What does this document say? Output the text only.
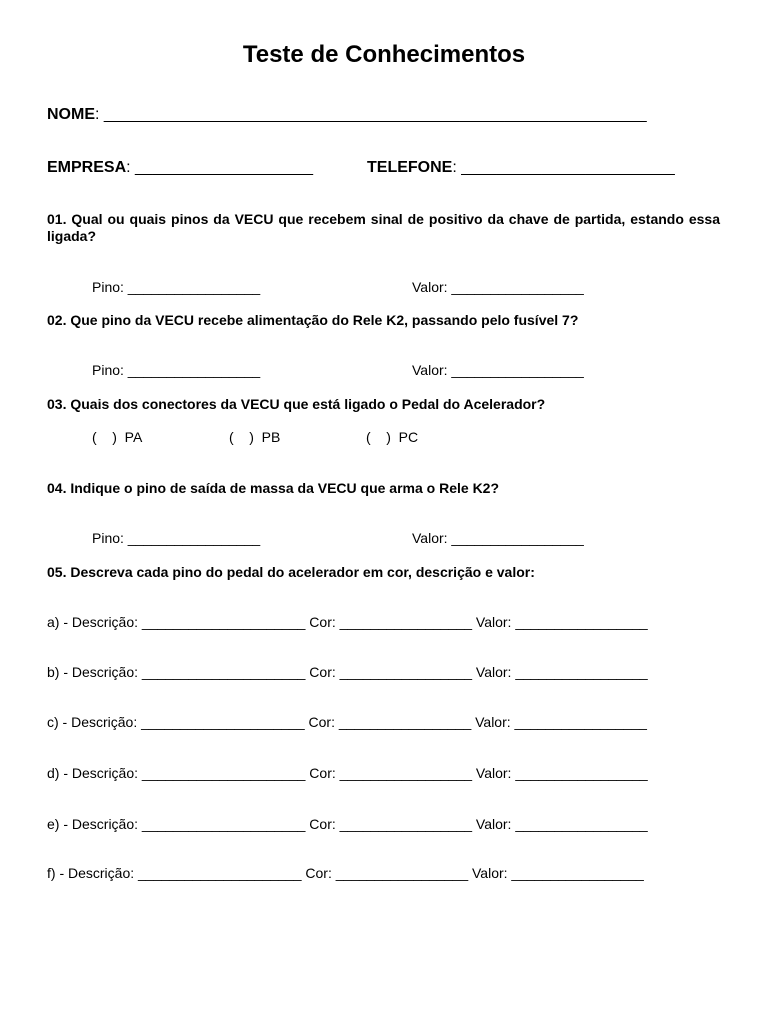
Teste de Conhecimentos
NOME: _____________________________________________________________
EMPRESA: ____________________	TELEFONE: ________________________
01. Qual ou quais pinos da VECU que recebem sinal de positivo da chave de partida, estando essa ligada?
Pino: _________________	Valor: _________________
02. Que pino da VECU recebe alimentação do Rele K2, passando pelo fusível 7?
Pino: _________________	Valor: _________________
03. Quais dos conectores da VECU que está ligado o Pedal do Acelerador?
(    )  PA	(    )  PB	(    )  PC
04. Indique o pino de saída de massa da VECU que arma o Rele K2?
Pino: _________________	Valor: _________________
05. Descreva cada pino do pedal do acelerador em cor, descrição e valor:
a) - Descrição: _____________________ Cor: _________________ Valor: _________________
b) - Descrição: _____________________ Cor: _________________ Valor: _________________
c) - Descrição: _____________________ Cor: _________________ Valor: _________________
d) - Descrição: _____________________ Cor: _________________ Valor: _________________
e) - Descrição: _____________________ Cor: _________________ Valor: _________________
f) - Descrição: _____________________ Cor: _________________ Valor: _________________
